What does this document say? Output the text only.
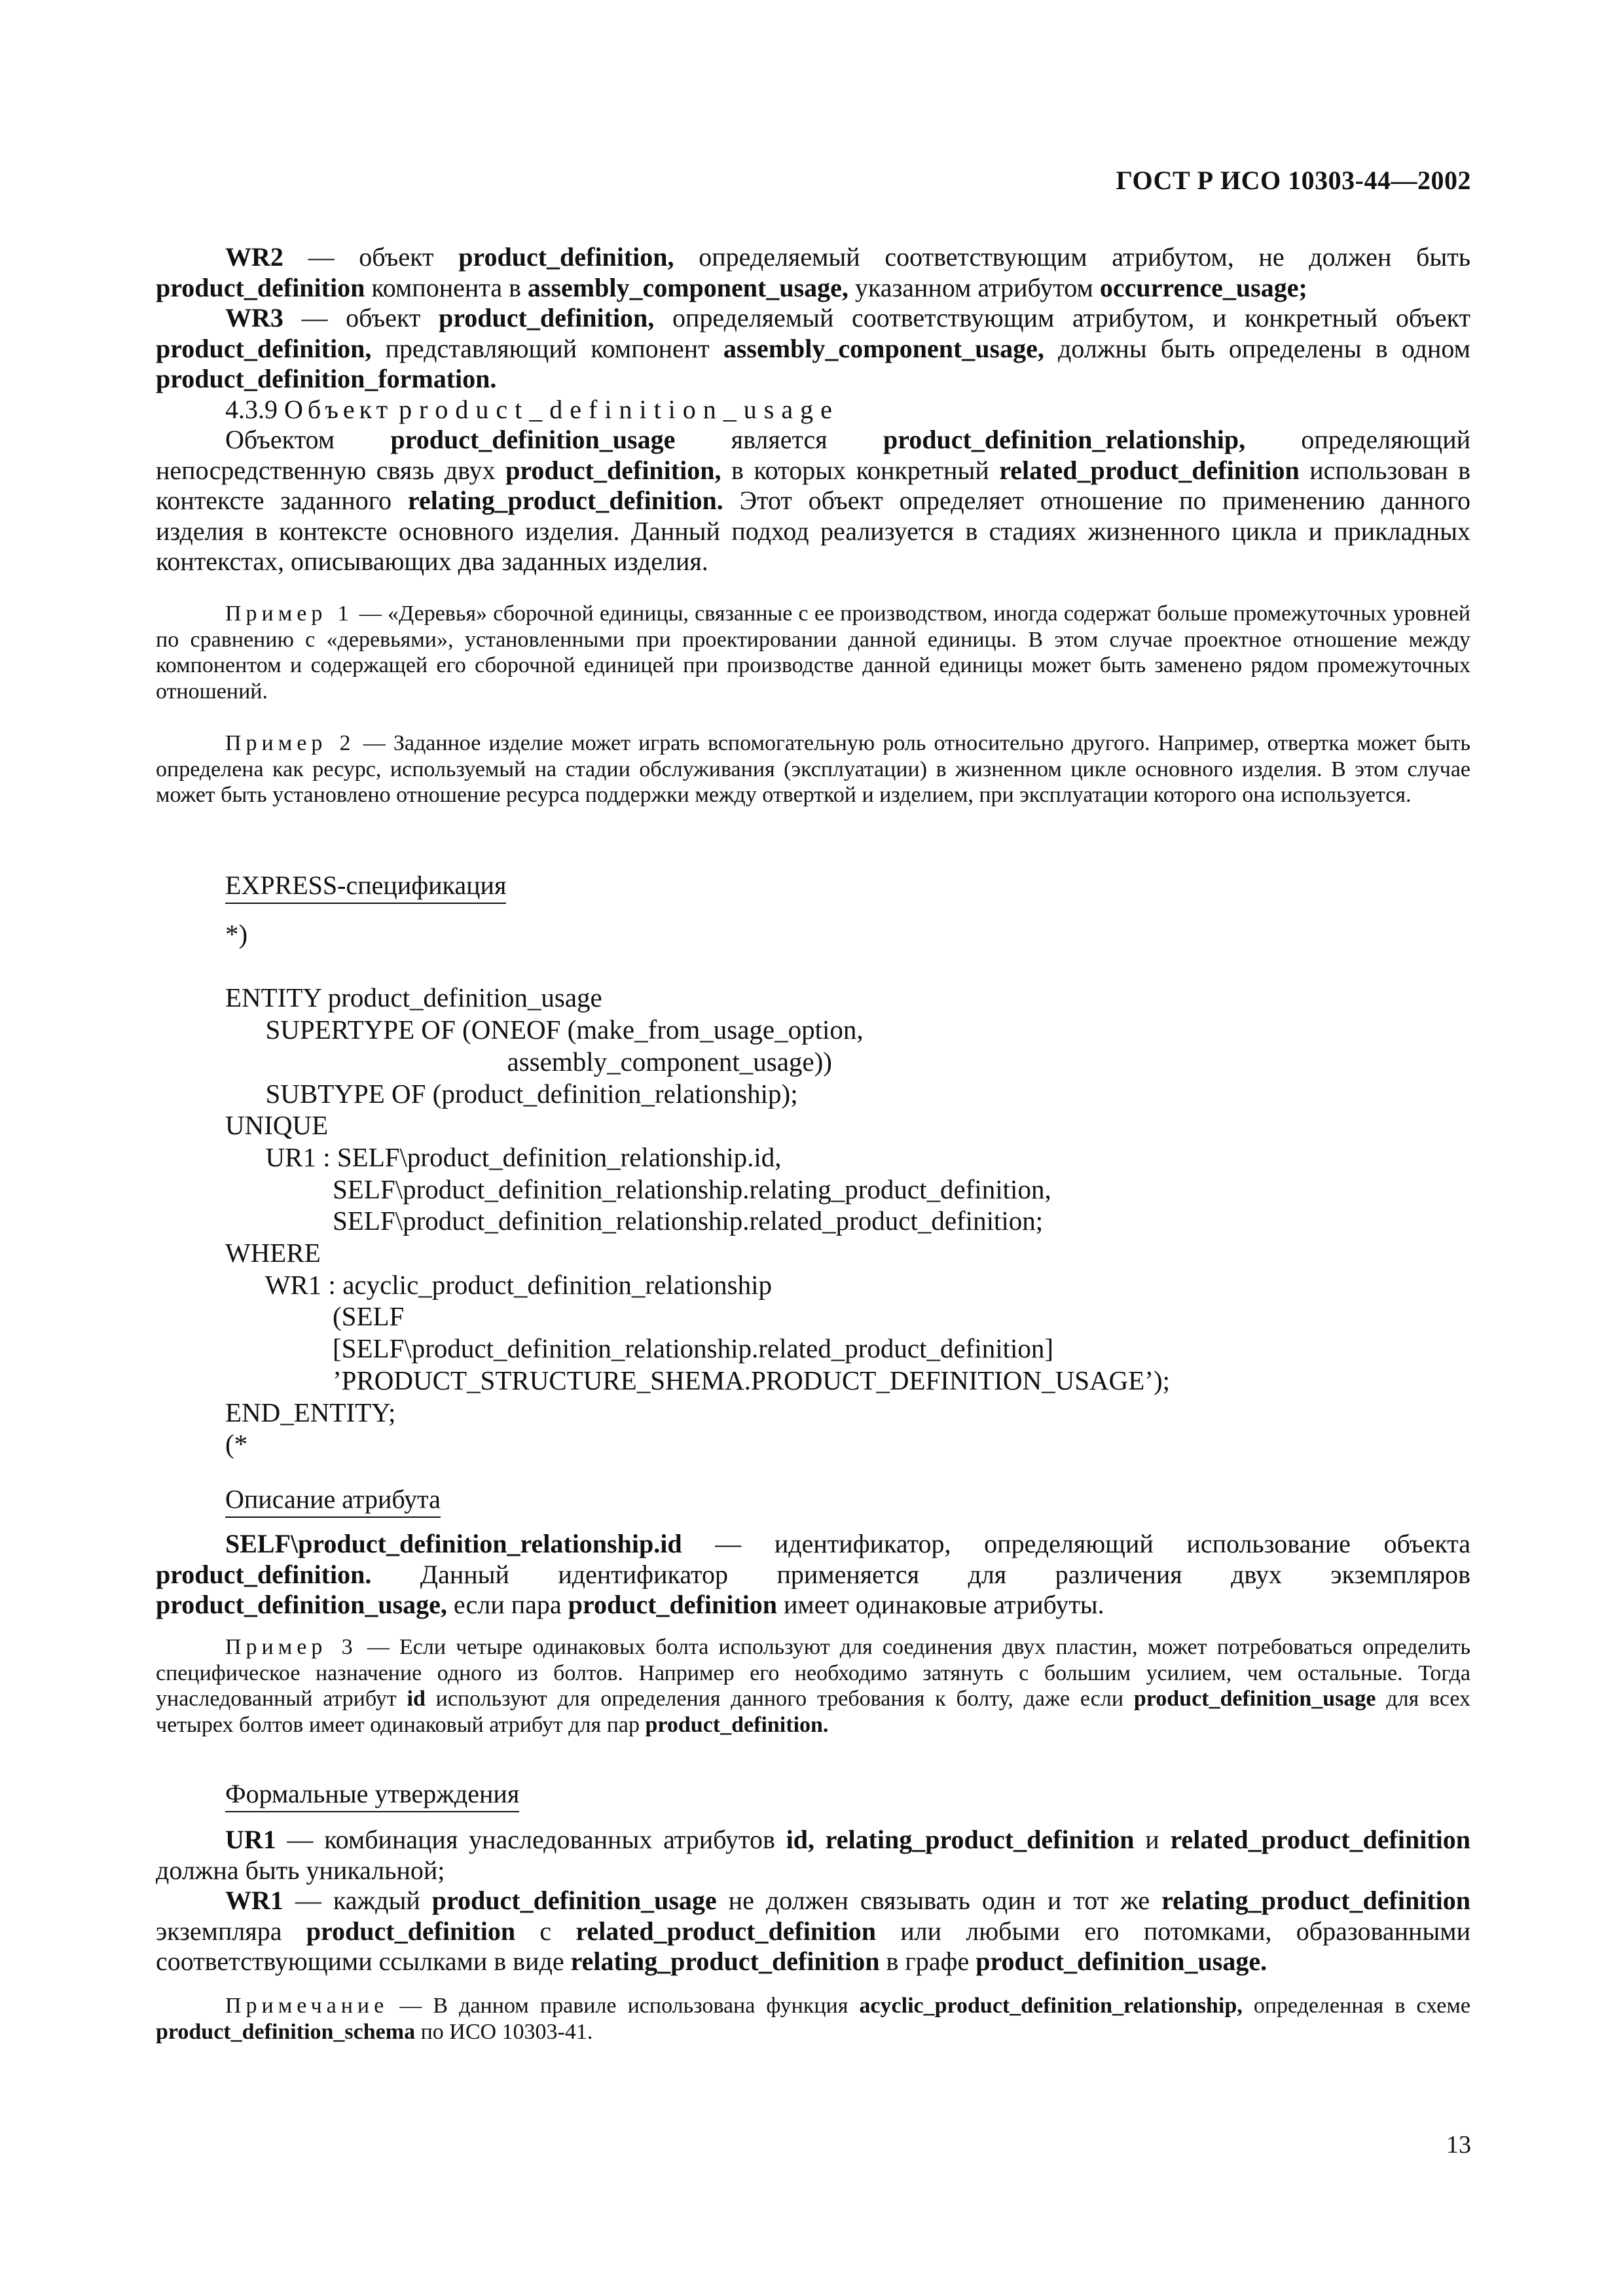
ГОСТ Р ИСО 10303-44—2002

WR2 — объект product_definition, определяемый соответствующим атрибутом, не должен быть product_definition компонента в assembly_component_usage, указанном атрибутом occurrence_usage;

WR3 — объект product_definition, определяемый соответствующим атрибутом, и конкретный объект product_definition, представляющий компонент assembly_component_usage, должны быть определены в одном product_definition_formation.

4.3.9 Объект product_definition_usage

Объектом product_definition_usage является product_definition_relationship, определяющий непосредственную связь двух product_definition, в которых конкретный related_product_definition использован в контексте заданного relating_product_definition. Этот объект определяет отношение по применению данного изделия в контексте основного изделия. Данный подход реализуется в стадиях жизненного цикла и прикладных контекстах, описывающих два заданных изделия.

Пример 1 — «Деревья» сборочной единицы, связанные с ее производством, иногда содержат больше промежуточных уровней по сравнению с «деревьями», установленными при проектировании данной единицы. В этом случае проектное отношение между компонентом и содержащей его сборочной единицей при производстве данной единицы может быть заменено рядом промежуточных отношений.

Пример 2 — Заданное изделие может играть вспомогательную роль относительно другого. Например, отвертка может быть определена как ресурс, используемый на стадии обслуживания (эксплуатации) в жизненном цикле основного изделия. В этом случае может быть установлено отношение ресурса поддержки между отверткой и изделием, при эксплуатации которого она используется.

EXPRESS-спецификация
*)

ENTITY product_definition_usage
SUPERTYPE OF (ONEOF (make_from_usage_option,
assembly_component_usage))
SUBTYPE OF (product_definition_relationship);
UNIQUE
UR1 : SELF\product_definition_relationship.id,
SELF\product_definition_relationship.relating_product_definition,
SELF\product_definition_relationship.related_product_definition;
WHERE
WR1 : acyclic_product_definition_relationship
(SELF
[SELF\product_definition_relationship.related_product_definition]
’PRODUCT_STRUCTURE_SHEMA.PRODUCT_DEFINITION_USAGE’);
END_ENTITY;
(*
Описание атрибута

SELF\product_definition_relationship.id — идентификатор, определяющий использование объекта product_definition. Данный идентификатор применяется для различения двух экземпляров product_definition_usage, если пара product_definition имеет одинаковые атрибуты.

Пример 3 — Если четыре одинаковых болта используют для соединения двух пластин, может потребоваться определить специфическое назначение одного из болтов. Например его необходимо затянуть с большим усилием, чем остальные. Тогда унаследованный атрибут id используют для определения данного требования к болту, даже если product_definition_usage для всех четырех болтов имеет одинаковый атрибут для пар product_definition.

Формальные утверждения

UR1 — комбинация унаследованных атрибутов id, relating_product_definition и related_product_definition должна быть уникальной;

WR1 — каждый product_definition_usage не должен связывать один и тот же relating_product_definition экземпляра product_definition с related_product_definition или любыми его потомками, образованными соответствующими ссылками в виде relating_product_definition в графе product_definition_usage.

Примечание — В данном правиле использована функция acyclic_product_definition_relationship, определенная в схеме product_definition_schema по ИСО 10303-41.

13
